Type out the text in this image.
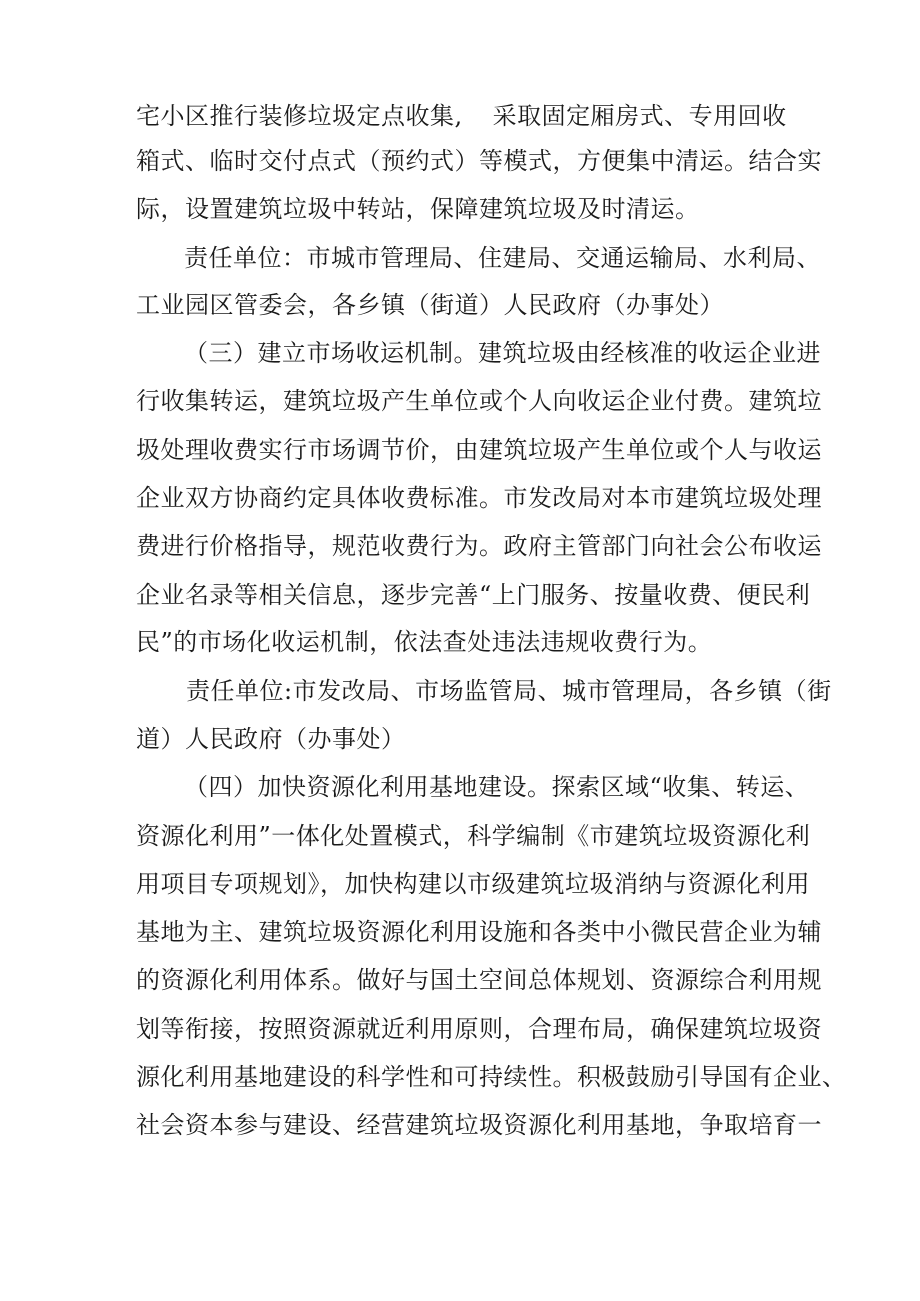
宅小区推行装修垃圾定点收集, 采取固定厢房式、专用回收
箱式、临时交付点式（预约式）等模式，方便集中清运。结合实
际，设置建筑垃圾中转站，保障建筑垃圾及时清运。
责任单位：市城市管理局、住建局、交通运输局、水利局、
工业园区管委会，各乡镇（街道）人民政府（办事处）
（三）建立市场收运机制。建筑垃圾由经核准的收运企业进
行收集转运，建筑垃圾产生单位或个人向收运企业付费。建筑垃
圾处理收费实行市场调节价，由建筑垃圾产生单位或个人与收运
企业双方协商约定具体收费标准。市发改局对本市建筑垃圾处理
费进行价格指导，规范收费行为。政府主管部门向社会公布收运
企业名录等相关信息，逐步完善“上门服务、按量收费、便民利
民”的市场化收运机制，依法查处违法违规收费行为。
责任单位:市发改局、市场监管局、城市管理局，各乡镇（街
道）人民政府（办事处）
（四）加快资源化利用基地建设。探索区域“收集、转运、
资源化利用”一体化处置模式，科学编制《市建筑垃圾资源化利
用项目专项规划》，加快构建以市级建筑垃圾消纳与资源化利用
基地为主、建筑垃圾资源化利用设施和各类中小微民营企业为辅
的资源化利用体系。做好与国土空间总体规划、资源综合利用规
划等衔接，按照资源就近利用原则，合理布局，确保建筑垃圾资
源化利用基地建设的科学性和可持续性。积极鼓励引导国有企业、
社会资本参与建设、经营建筑垃圾资源化利用基地，争取培育一
